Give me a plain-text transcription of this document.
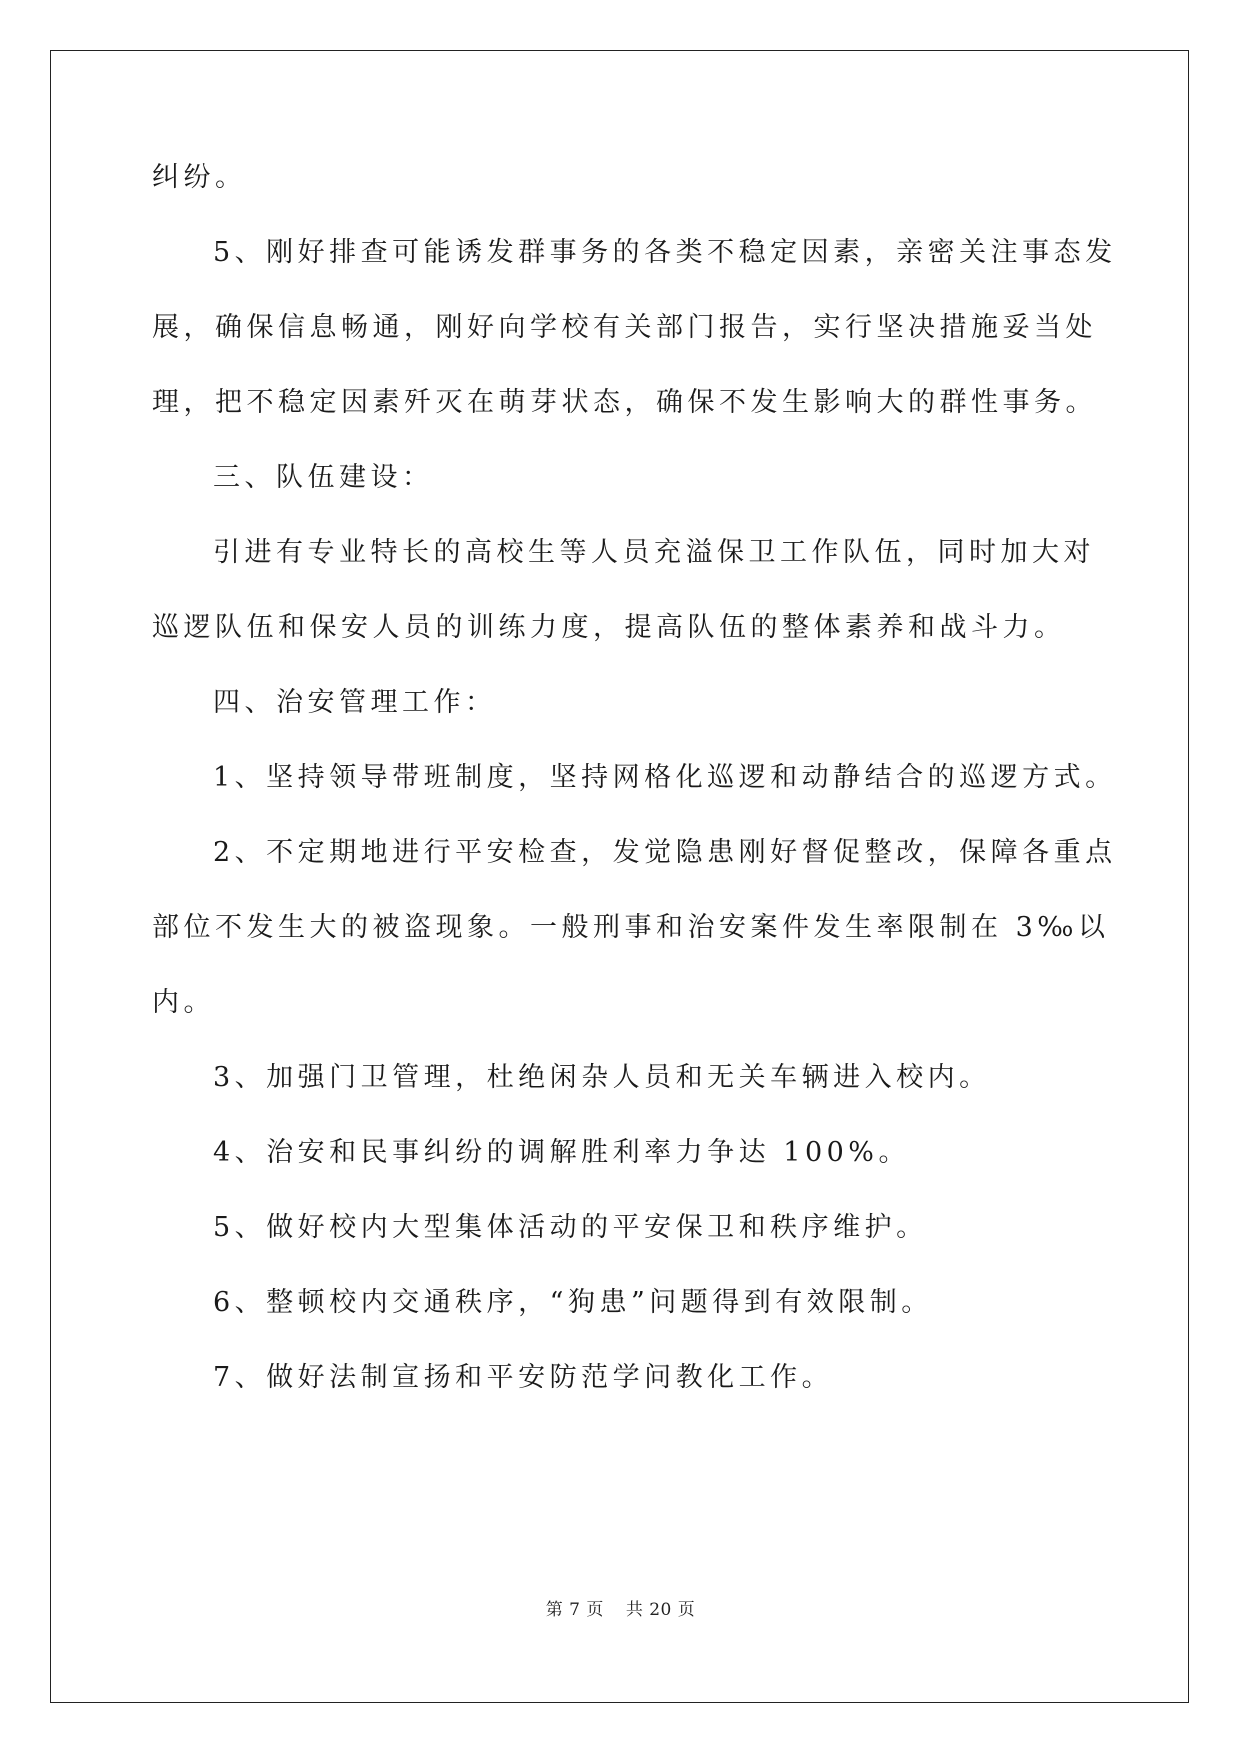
纠纷。
5、刚好排查可能诱发群事务的各类不稳定因素，亲密关注事态发
展，确保信息畅通，刚好向学校有关部门报告，实行坚决措施妥当处
理，把不稳定因素歼灭在萌芽状态，确保不发生影响大的群性事务。
三、队伍建设：
引进有专业特长的高校生等人员充溢保卫工作队伍，同时加大对
巡逻队伍和保安人员的训练力度，提高队伍的整体素养和战斗力。
四、治安管理工作：
1、坚持领导带班制度，坚持网格化巡逻和动静结合的巡逻方式。
2、不定期地进行平安检查，发觉隐患刚好督促整改，保障各重点
部位不发生大的被盗现象。一般刑事和治安案件发生率限制在 3‰以
内。
3、加强门卫管理，杜绝闲杂人员和无关车辆进入校内。
4、治安和民事纠纷的调解胜利率力争达 100%。
5、做好校内大型集体活动的平安保卫和秩序维护。
6、整顿校内交通秩序，“狗患”问题得到有效限制。
7、做好法制宣扬和平安防范学问教化工作。
第 7 页 共 20 页
